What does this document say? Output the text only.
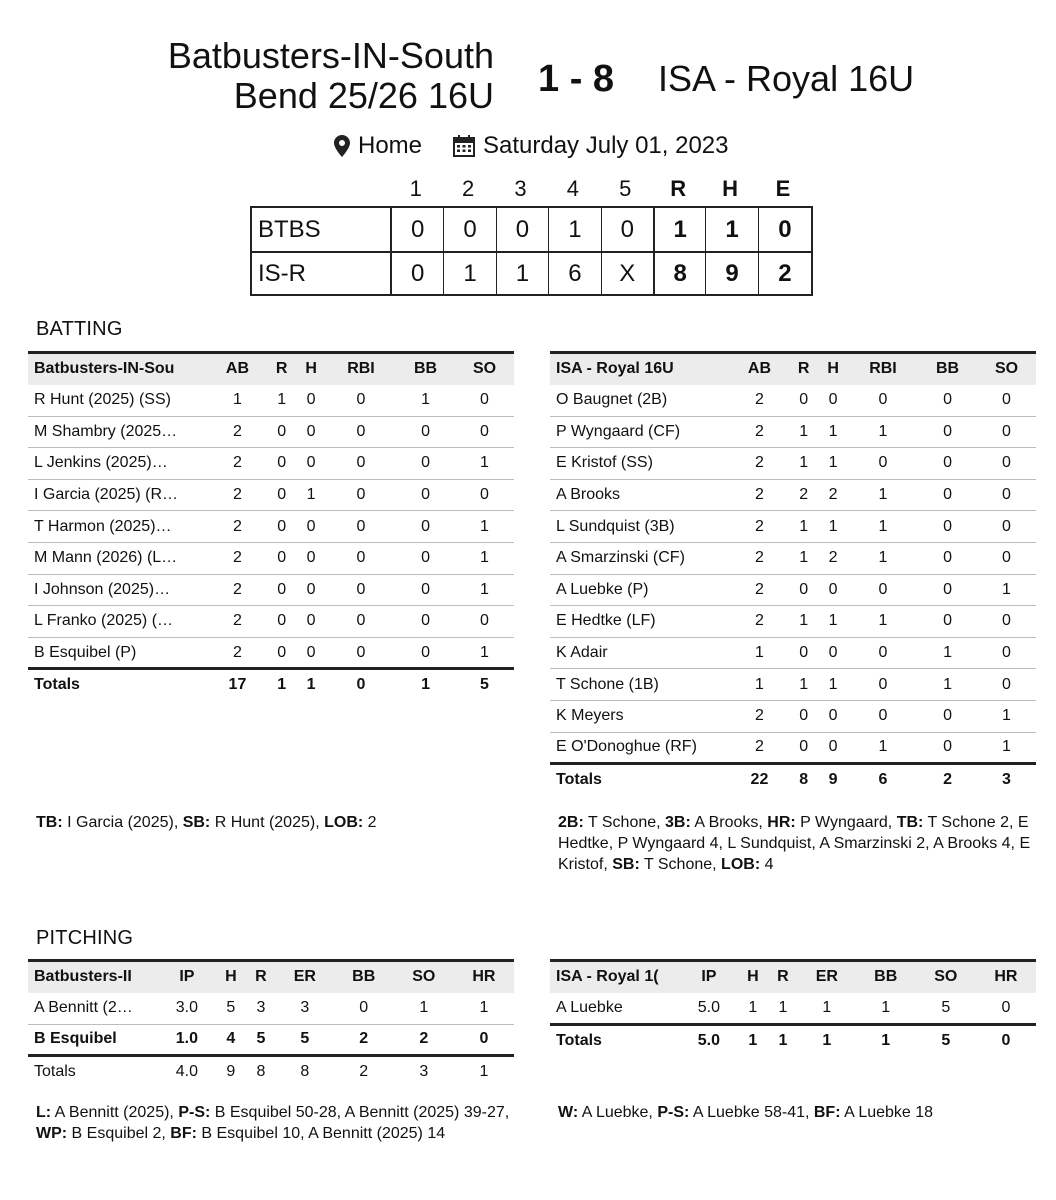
Batbusters-IN-South Bend 25/26 16U 1 - 8 ISA - Royal 16U
Home	Saturday July 01, 2023
1	2	3	4	5	R	H	E
BTBS	0	0	0	1	0	1	1	0
IS-R	0	1	1	6	X	8	9	2
BATTING
Batbusters-IN-Sou	AB	R	H	RBI	BB	SO
R Hunt (2025) (SS)	1	1	0	0	1	0
M Shambry (2025…	2	0	0	0	0	0
L Jenkins (2025)…	2	0	0	0	0	1
I Garcia (2025) (R…	2	0	1	0	0	0
T Harmon (2025)…	2	0	0	0	0	1
M Mann (2026) (L…	2	0	0	0	0	1
I Johnson (2025)…	2	0	0	0	0	1
L Franko (2025) (…	2	0	0	0	0	0
B Esquibel (P)	2	0	0	0	0	1
Totals	17	1	1	0	1	5
ISA - Royal 16U	AB	R	H	RBI	BB	SO
O Baugnet (2B)	2	0	0	0	0	0
P Wyngaard (CF)	2	1	1	1	0	0
E Kristof (SS)	2	1	1	0	0	0
A Brooks	2	2	2	1	0	0
L Sundquist (3B)	2	1	1	1	0	0
A Smarzinski (CF)	2	1	2	1	0	0
A Luebke (P)	2	0	0	0	0	1
E Hedtke (LF)	2	1	1	1	0	0
K Adair	1	0	0	0	1	0
T Schone (1B)	1	1	1	0	1	0
K Meyers	2	0	0	0	0	1
E O'Donoghue (RF)	2	0	0	1	0	1
Totals	22	8	9	6	2	3
TB: I Garcia (2025), SB: R Hunt (2025), LOB: 2	2B: T Schone, 3B: A Brooks, HR: P Wyngaard, TB: T Schone 2, E Hedtke, P Wyngaard 4, L Sundquist, A Smarzinski 2, A Brooks 4, E Kristof, SB: T Schone, LOB: 4
PITCHING
Batbusters-II	IP	H	R	ER	BB	SO	HR
A Bennitt (2…	3.0	5	3	3	0	1	1
B Esquibel	1.0	4	5	5	2	2	0
Totals	4.0	9	8	8	2	3	1
ISA - Royal 1(	IP	H	R	ER	BB	SO	HR
A Luebke	5.0	1	1	1	1	5	0
Totals	5.0	1	1	1	1	5	0
L: A Bennitt (2025), P-S: B Esquibel 50-28, A Bennitt (2025) 39-27, WP: B Esquibel 2, BF: B Esquibel 10, A Bennitt (2025) 14
W: A Luebke, P-S: A Luebke 58-41, BF: A Luebke 18
